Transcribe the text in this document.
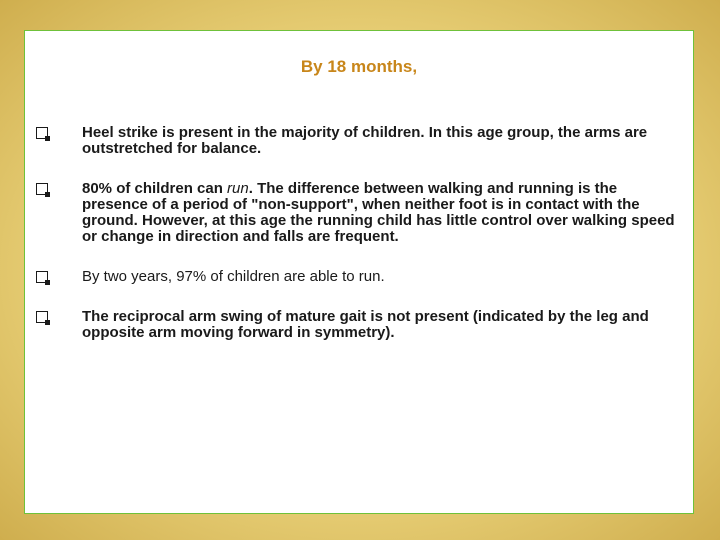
By 18 months,
Heel strike is present in the majority of children. In this age group, the arms are outstretched for balance.
80% of children can run. The difference between walking and running is the presence of a period of "non-support", when neither foot is in contact with the ground. However, at this age the running child has little control over walking speed or change in direction and falls are frequent.
By two years, 97% of children are able to run.
The reciprocal arm swing of mature gait is not present (indicated by the leg and opposite arm moving forward in symmetry).
